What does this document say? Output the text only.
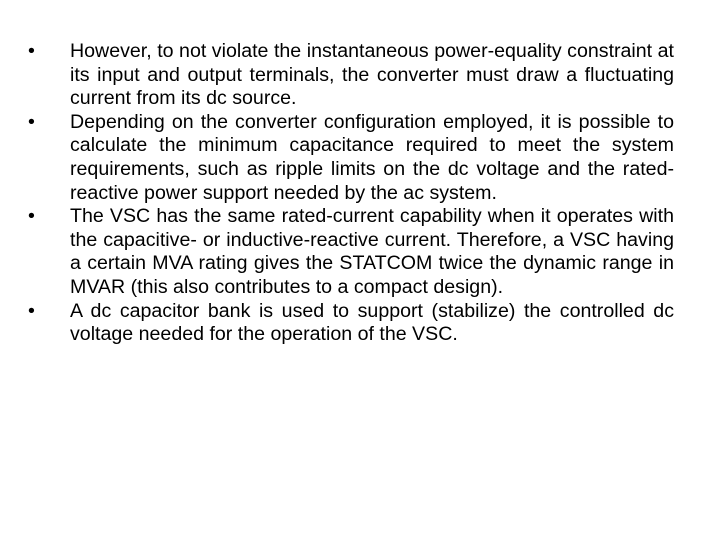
• However, to not violate the instantaneous power-equality constraint at its input and output terminals, the converter must draw a fluctuating current from its dc source.
• Depending on the converter configuration employed, it is possible to calculate the minimum capacitance required to meet the system requirements, such as ripple limits on the dc voltage and the rated-reactive power support needed by the ac system.
• The VSC has the same rated-current capability when it operates with the capacitive- or inductive-reactive current. Therefore, a VSC having a certain MVA rating gives the STATCOM twice the dynamic range in MVAR (this also contributes to a compact design).
• A dc capacitor bank is used to support (stabilize) the controlled dc voltage needed for the operation of the VSC.
